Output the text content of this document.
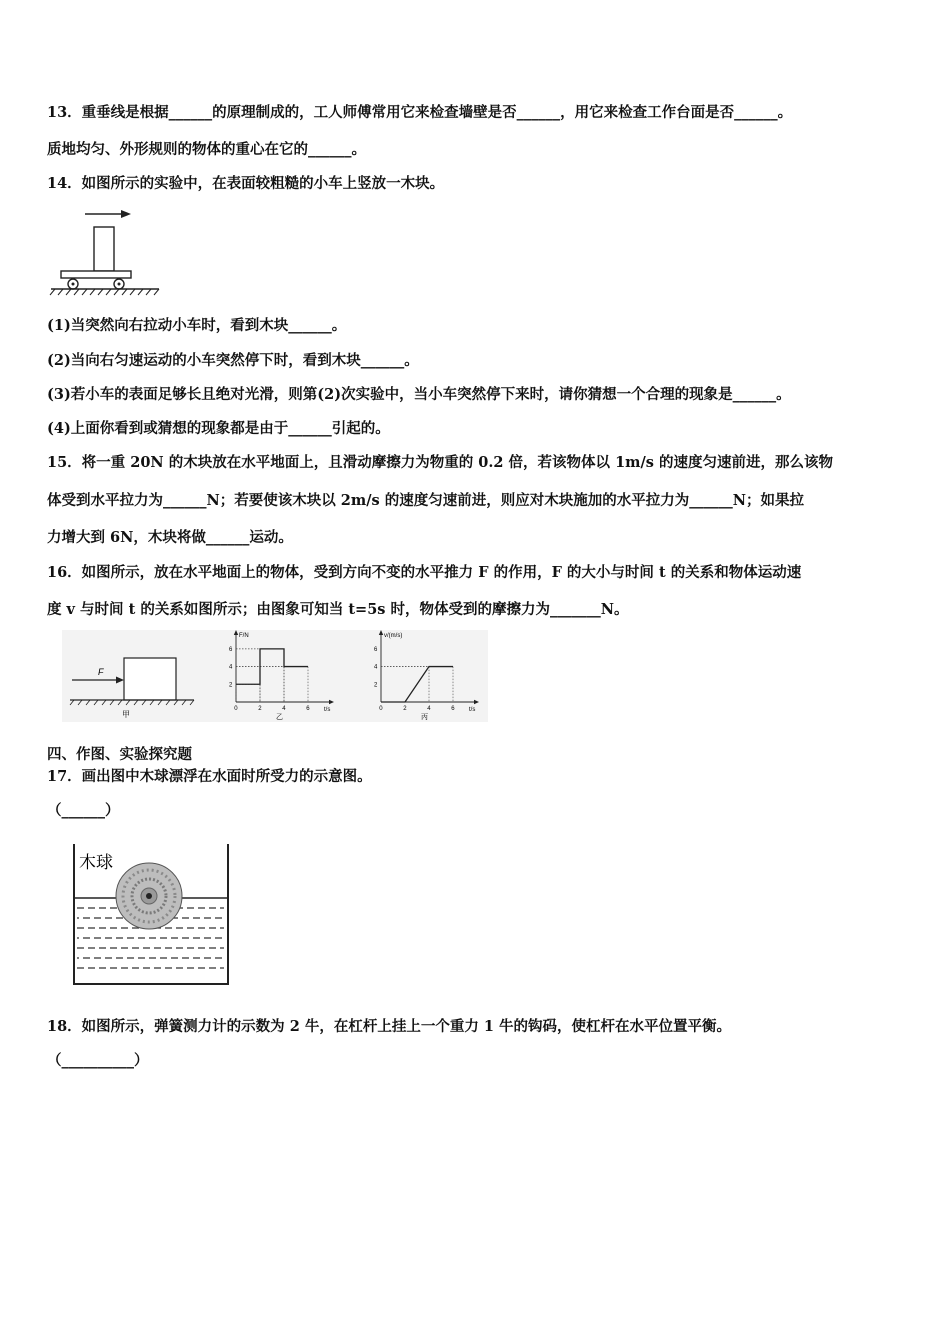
13．重垂线是根据______的原理制成的，工人师傅常用它来检查墙壁是否______，用它来检查工作台面是否______。
质地均匀、外形规则的物体的重心在它的______。
14．如图所示的实验中，在表面较粗糙的小车上竖放一木块。
(1)当突然向右拉动小车时，看到木块______。
(2)当向右匀速运动的小车突然停下时，看到木块______。
(3)若小车的表面足够长且绝对光滑，则第(2)次实验中，当小车突然停下来时，请你猜想一个合理的现象是______。
(4)上面你看到或猜想的现象都是由于______引起的。
15．将一重 20N 的木块放在水平地面上，且滑动摩擦力为物重的 0.2 倍，若该物体以 1m/s 的速度匀速前进，那么该物
体受到水平拉力为______N；若要使该木块以 2m/s 的速度匀速前进，则应对木块施加的水平拉力为______N；如果拉
力增大到 6N，木块将做______运动。
16．如图所示，放在水平地面上的物体，受到方向不变的水平推力 F 的作用，F 的大小与时间 t 的关系和物体运动速
度 v 与时间 t 的关系如图所示；由图象可知当 t=5s 时，物体受到的摩擦力为_______N。
F
甲
F/N
t/s
0	2	4	6
2
4
6
乙
v/(m/s)
t/s
0	2	4	6
2
4
6
丙
四、作图、实验探究题
17．画出图中木球漂浮在水面时所受力的示意图。
（______）
木球
18．如图所示，弹簧测力计的示数为 2 牛，在杠杆上挂上一个重力 1 牛的钩码，使杠杆在水平位置平衡。
（__________）
